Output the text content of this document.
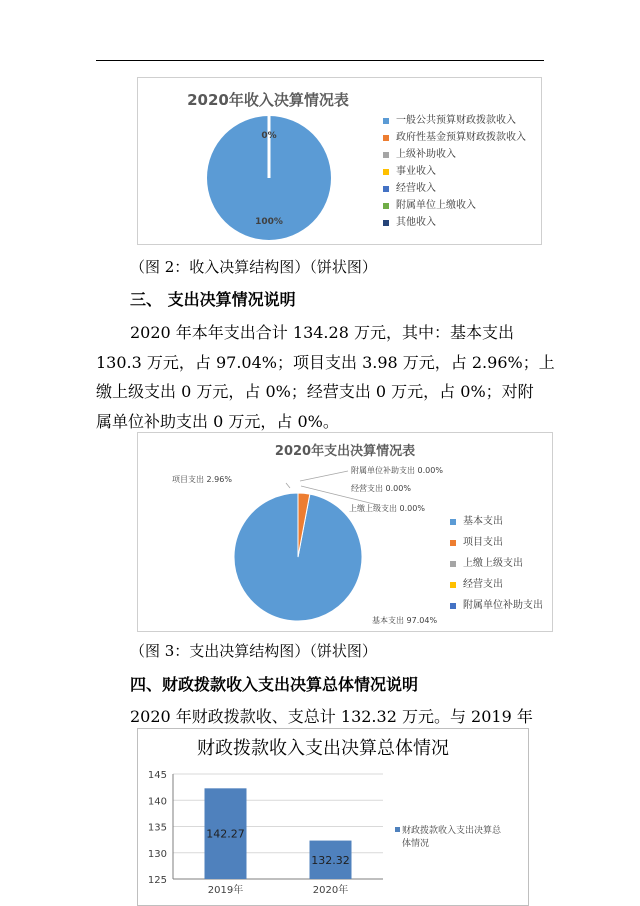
2020年收入决算情况表
0%
100%
一般公共预算财政拨款收入
政府性基金预算财政拨款收入
上级补助收入
事业收入
经营收入
附属单位上缴收入
其他收入
（图 2：收入决算结构图）（饼状图）
三、 支出决算情况说明
2020 年本年支出合计 134.28 万元，其中：基本支出
130.3 万元，占 97.04%；项目支出 3.98 万元，占 2.96%；上
缴上级支出 0 万元，占 0%；经营支出 0 万元，占 0%；对附
属单位补助支出 0 万元，占 0%。
2020年支出决算情况表
项目支出 2.96%
附属单位补助支出 0.00%
经营支出 0.00%
上缴上级支出 0.00%
基本支出 97.04%
基本支出
项目支出
上缴上级支出
经营支出
附属单位补助支出
（图 3：支出决算结构图）（饼状图）
四、财政拨款收入支出决算总体情况说明
2020 年财政拨款收、支总计 132.32 万元。与 2019 年
财政拨款收入支出决算总体情况
145
140
135
130
125
142.27
2019年
132.32
2020年
财政拨款收入支出决算总
体情况
